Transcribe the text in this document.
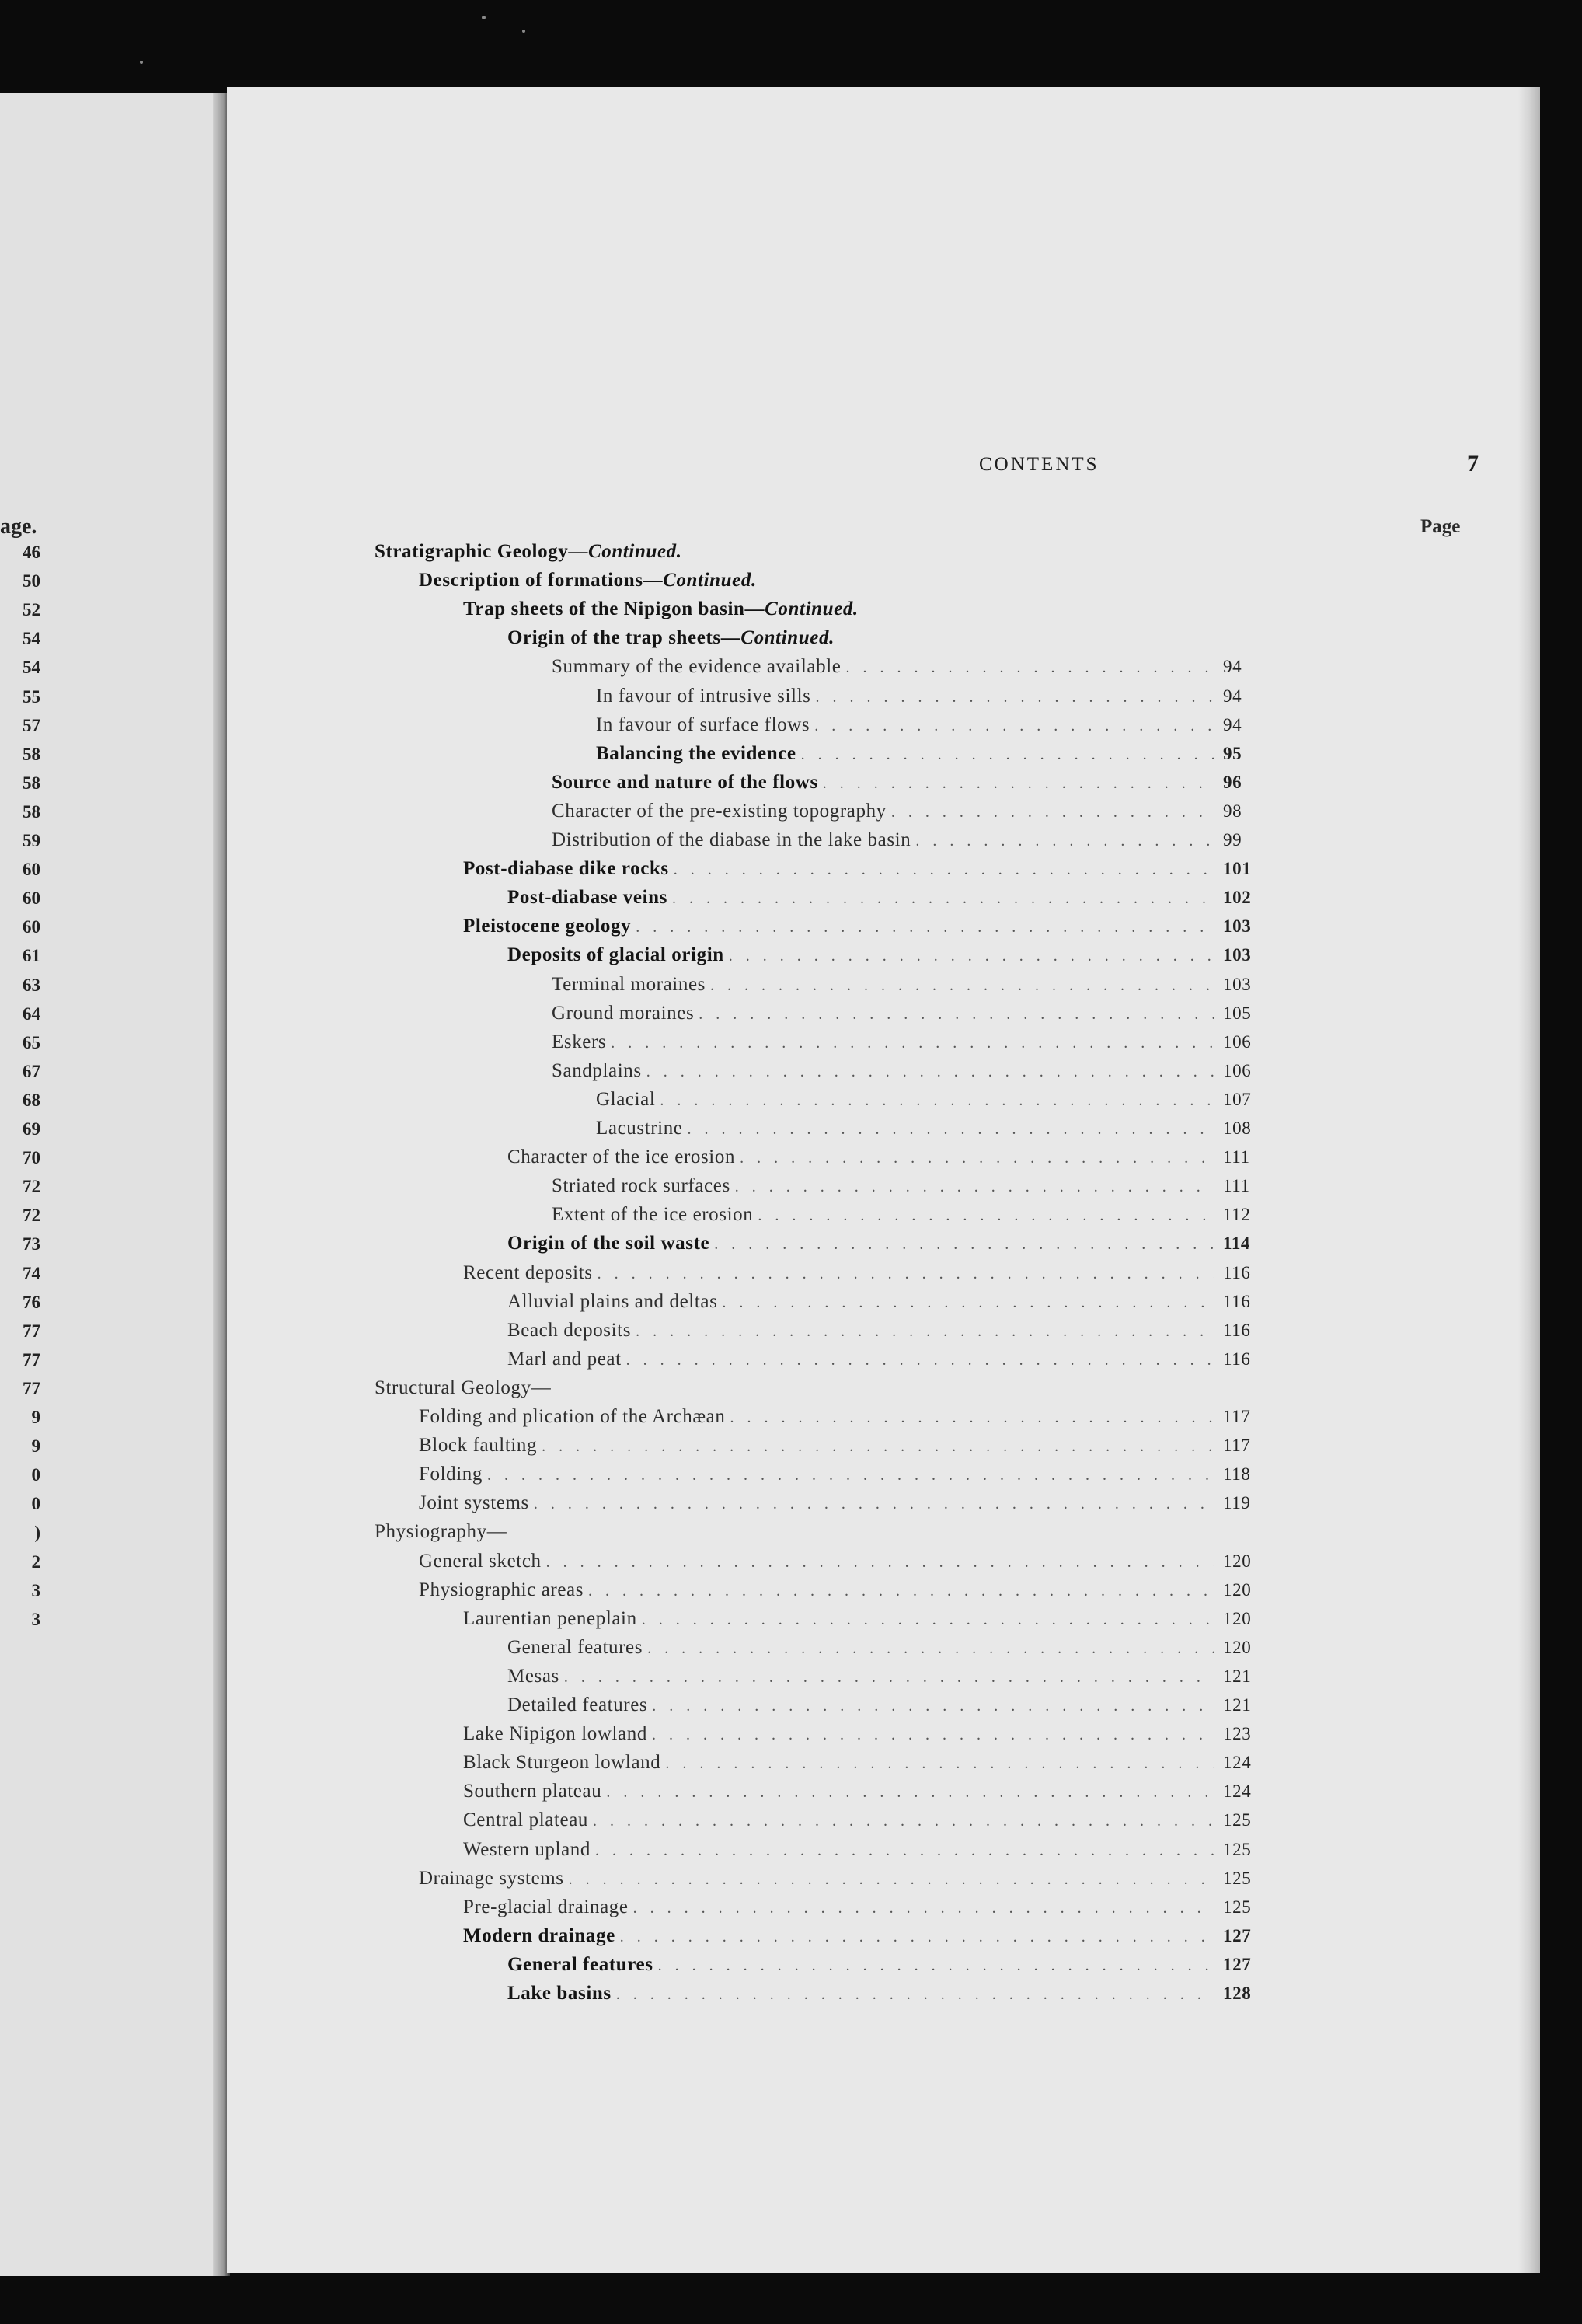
age.
46
50
52
54
54
55
57
58
58
58
59
60
60
60
61
63
64
65
67
68
69
70
72
72
73
74
76
77
77
77
9
9
0
0
)
2
3
3
CONTENTS	7
Page
Stratigraphic Geology— Continued.
Description of formations— Continued.
Trap sheets of the Nipigon basin— Continued.
Origin of the trap sheets— Continued.
Summary of the evidence available . . .	94
In favour of intrusive sills . . .	94
In favour of surface flows . . .	94
Balancing the evidence . . .	95
Source and nature of the flows . . .	96
Character of the pre-existing topography . . .	98
Distribution of the diabase in the lake basin . . .	99
Post-diabase dike rocks . . .	101
Post-diabase veins . . .	102
Pleistocene geology . . .	103
Deposits of glacial origin . . .	103
Terminal moraines . . .	103
Ground moraines . . .	105
Eskers . . .	106
Sandplains . . .	106
Glacial . . .	107
Lacustrine . . .	108
Character of the ice erosion . . .	111
Striated rock surfaces . . .	111
Extent of the ice erosion . . .	112
Origin of the soil waste . . .	114
Recent deposits . . .	116
Alluvial plains and deltas . . .	116
Beach deposits . . .	116
Marl and peat . . .	116
Structural Geology—
Folding and plication of the Archæan . . .	117
Block faulting . . .	117
Folding . . .	118
Joint systems . . .	119
Physiography—
General sketch . . .	120
Physiographic areas . . .	120
Laurentian peneplain . . .	120
General features . . .	120
Mesas . . .	121
Detailed features . . .	121
Lake Nipigon lowland . . .	123
Black Sturgeon lowland . . .	124
Southern plateau . . .	124
Central plateau . . .	125
Western upland . . .	125
Drainage systems . . .	125
Pre-glacial drainage . . .	125
Modern drainage . . .	127
General features . . .	127
Lake basins . . .	128
